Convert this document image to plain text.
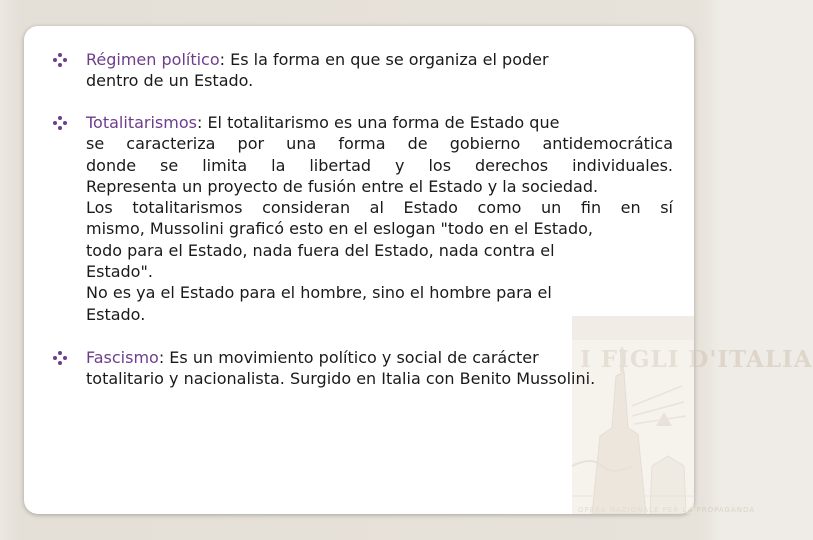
I FIGLI D'ITALIA
OPERA NAZIONALE PER LA PROPAGANDA
Régimen político: Es la forma en que se organiza el poder
dentro de un Estado.
Totalitarismos: El totalitarismo es una forma de Estado que
se caracteriza por una forma de gobierno antidemocrática
donde se limita la libertad y los derechos individuales.
Representa un proyecto de fusión entre el Estado y la sociedad.
Los totalitarismos consideran al Estado como un fin en sí
mismo, Mussolini graficó esto en el eslogan "todo en el Estado,
todo para el Estado, nada fuera del Estado, nada contra el
Estado".
No es ya el Estado para el hombre, sino el hombre para el
Estado.
Fascismo: Es un movimiento político y social de carácter
totalitario y nacionalista. Surgido en Italia con Benito Mussolini.
